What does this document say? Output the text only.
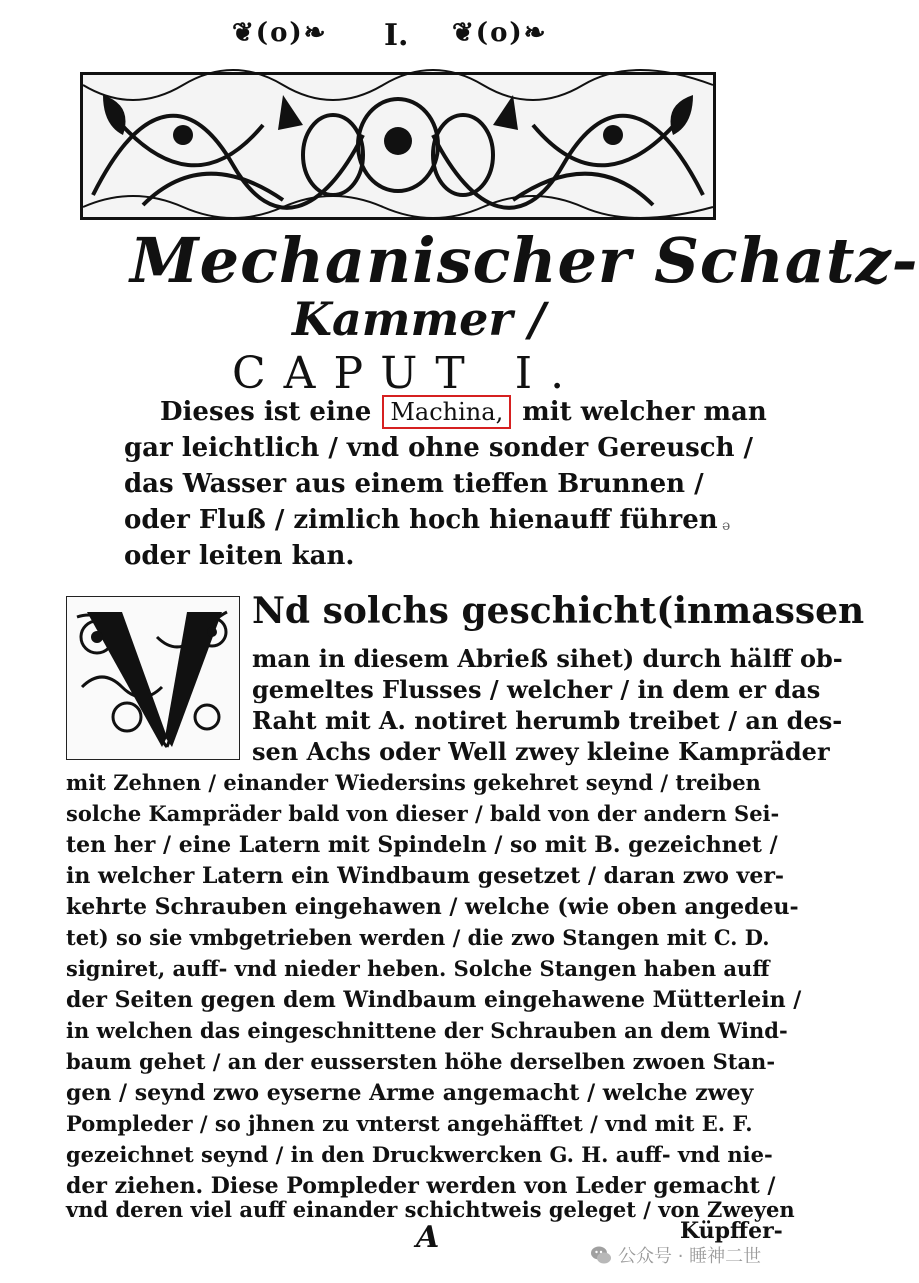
❦(o)❧ I. ❦(o)❧
Mechanischer Schatz-
Kammer /
CAPUT I.
Dieses ist eine Machina, mit welcher man
gar leichtlich / vnd ohne sonder Gereusch /
das Wasser aus einem tieffen Brunnen /
oder Fluß / zimlich hoch hienauff führen
oder leiten kan.
ə
Nd solchs geschicht(inmassen
man in diesem Abrieß sihet) durch hälff ob-
gemeltes Flusses / welcher / in dem er das
Raht mit A. notiret herumb treibet / an des-
sen Achs oder Well zwey kleine Kampräder
mit Zehnen / einander Wiedersins gekehret seynd / treiben
solche Kampräder bald von dieser / bald von der andern Sei-
ten her / eine Latern mit Spindeln / so mit B. gezeichnet /
in welcher Latern ein Windbaum gesetzet / daran zwo ver-
kehrte Schrauben eingehawen / welche (wie oben angedeu-
tet) so sie vmbgetrieben werden / die zwo Stangen mit C. D.
signiret, auff- vnd nieder heben. Solche Stangen haben auff
der Seiten gegen dem Windbaum eingehawene Mütterlein /
in welchen das eingeschnittene der Schrauben an dem Wind-
baum gehet / an der eussersten höhe derselben zwoen Stan-
gen / seynd zwo eyserne Arme angemacht / welche zwey
Pompleder / so jhnen zu vnterst angehäfftet / vnd mit E. F.
gezeichnet seynd / in den Druckwercken G. H. auff- vnd nie-
der ziehen. Diese Pompleder werden von Leder gemacht /
vnd deren viel auff einander schichtweis geleget / von Zweyen
A	Küpffer-
公众号 · 睡神二世
